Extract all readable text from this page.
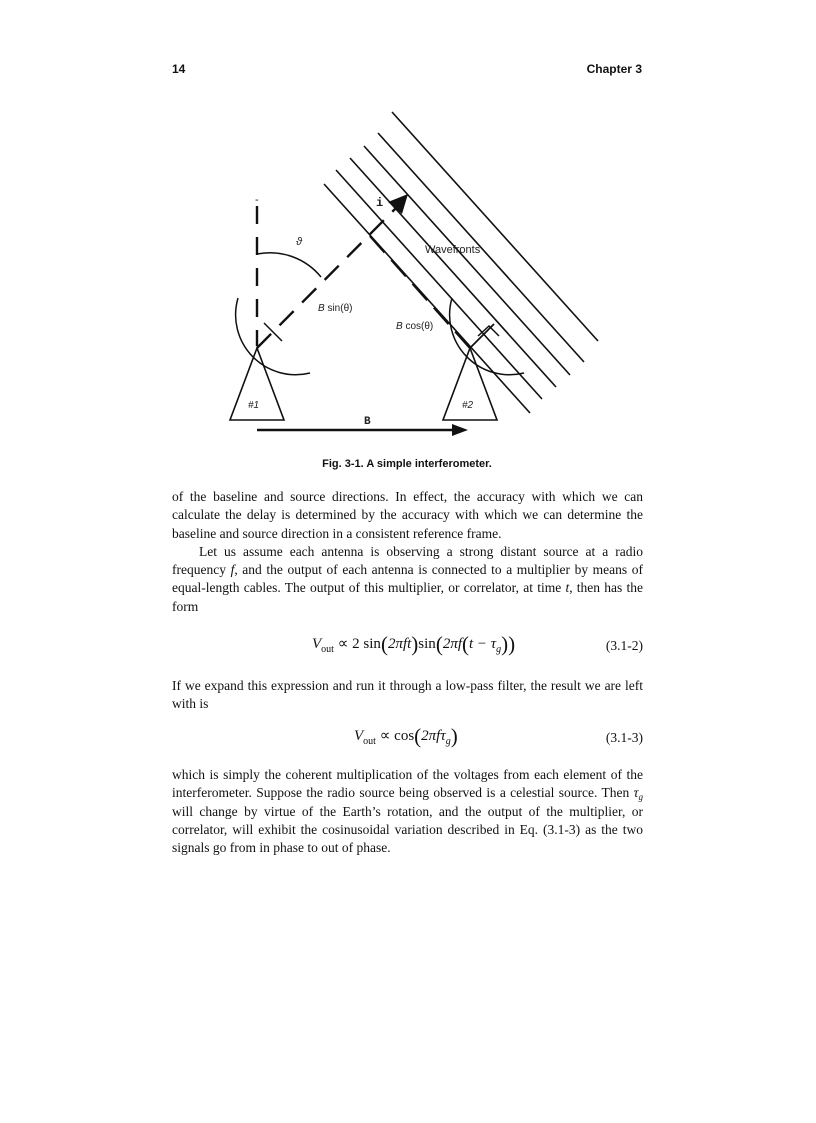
14	Chapter 3
-	i
ϑ
Wavefronts
B sin(θ)
B cos(θ)
#1	#2
B
Fig. 3-1. A simple interferometer.

of the baseline and source directions. In effect, the accuracy with which we can calculate the delay is determined by the accuracy with which we can determine the baseline and source direction in a consistent reference frame.

Let us assume each antenna is observing a strong distant source at a radio frequency f, and the output of each antenna is connected to a multiplier by means of equal-length cables. The output of this multiplier, or correlator, at time t, then has the form

$V_{out} \propto 2$ $\sin(2\pi ft)\sin(2\pi f(t - \tau_g))$	(3.1-2)

If we expand this expression and run it through a low-pass filter, the result we are left with is

$V_{out} \propto \cos(2\pi f\tau_g)$	(3.1-3)

which is simply the coherent multiplication of the voltages from each element of the interferometer. Suppose the radio source being observed is a celestial source. Then $\tau_g$ will change by virtue of the Earth’s rotation, and the output of the multiplier, or correlator, will exhibit the cosinusoidal variation described in Eq. (3.1-3) as the two signals go from in phase to out of phase.
